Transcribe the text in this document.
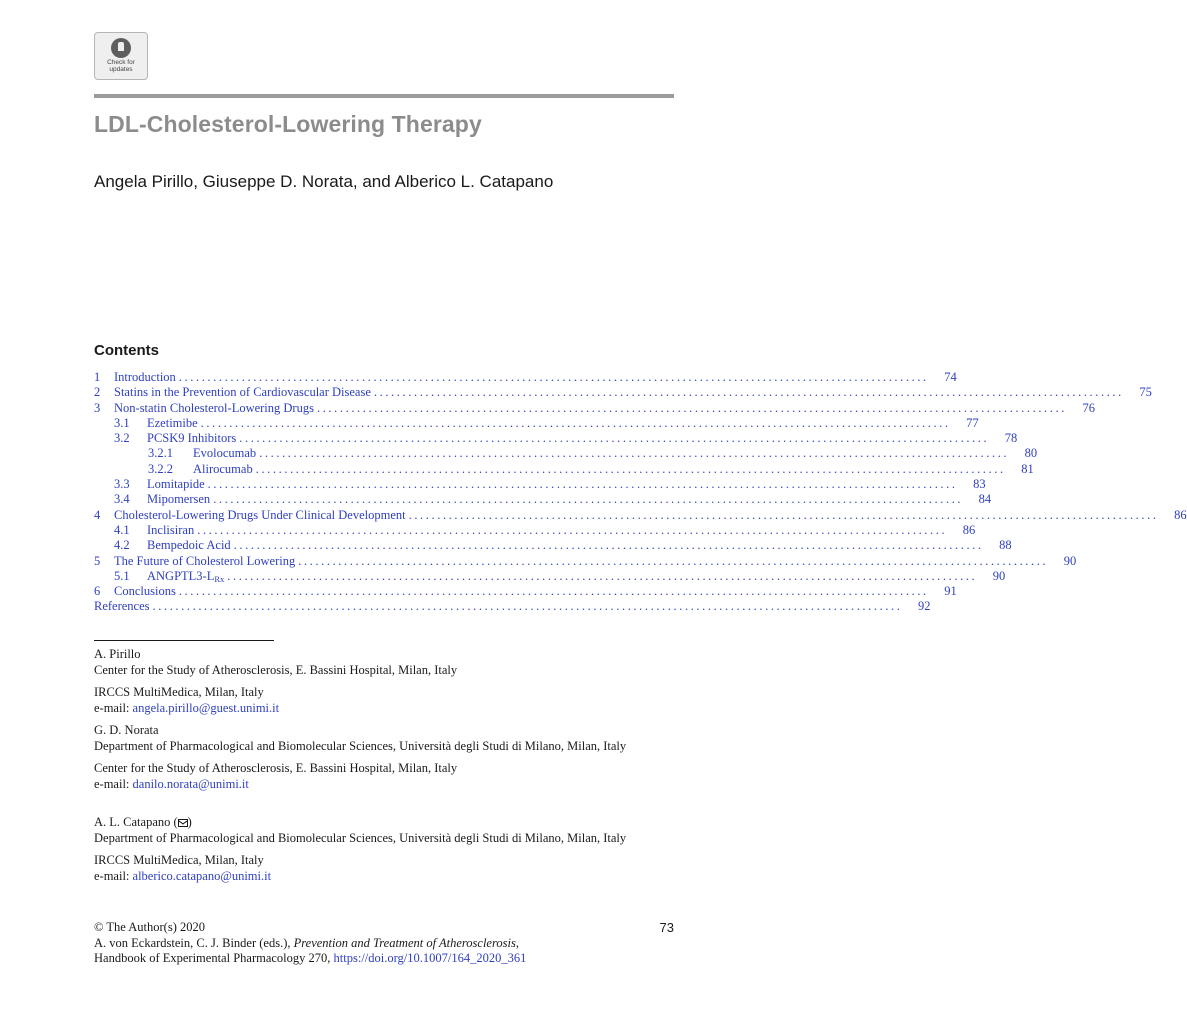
Check for
updates
LDL-Cholesterol-Lowering Therapy

Angela Pirillo, Giuseppe D. Norata, and Alberico L. Catapano

Contents

1	Introduction ................................................................................................................................... 74
2	Statins in the Prevention of Cardiovascular Disease ................................................................................................................................... 75
3	Non-statin Cholesterol-Lowering Drugs ................................................................................................................................... 76
3.1	Ezetimibe ................................................................................................................................... 77
3.2	PCSK9 Inhibitors ................................................................................................................................... 78
3.2.1	Evolocumab ................................................................................................................................... 80
3.2.2	Alirocumab ................................................................................................................................... 81
3.3	Lomitapide ................................................................................................................................... 83
3.4	Mipomersen ................................................................................................................................... 84
4	Cholesterol-Lowering Drugs Under Clinical Development ................................................................................................................................... 86
4.1	Inclisiran ................................................................................................................................... 86
4.2	Bempedoic Acid ................................................................................................................................... 88
5	The Future of Cholesterol Lowering ................................................................................................................................... 90
5.1	$ANGPTL3-L_{Rx}$ ................................................................................................................................... 90
6	Conclusions ................................................................................................................................... 91
References ................................................................................................................................... 92
A. Pirillo
Center for the Study of Atherosclerosis, E. Bassini Hospital, Milan, Italy
IRCCS MultiMedica, Milan, Italy
e-mail: angela.pirillo@guest.unimi.it
G. D. Norata
Department of Pharmacological and Biomolecular Sciences, Università degli Studi di Milano, Milan, Italy
Center for the Study of Atherosclerosis, E. Bassini Hospital, Milan, Italy
e-mail: danilo.norata@unimi.it
A. L. Catapano ( )
Department of Pharmacological and Biomolecular Sciences, Università degli Studi di Milano, Milan, Italy
IRCCS MultiMedica, Milan, Italy
e-mail: alberico.catapano@unimi.it
© The Author(s) 2020
A. von Eckardstein, C. J. Binder (eds.), Prevention and Treatment of Atherosclerosis,
Handbook of Experimental Pharmacology 270, https://doi.org/10.1007/164_2020_361
73
